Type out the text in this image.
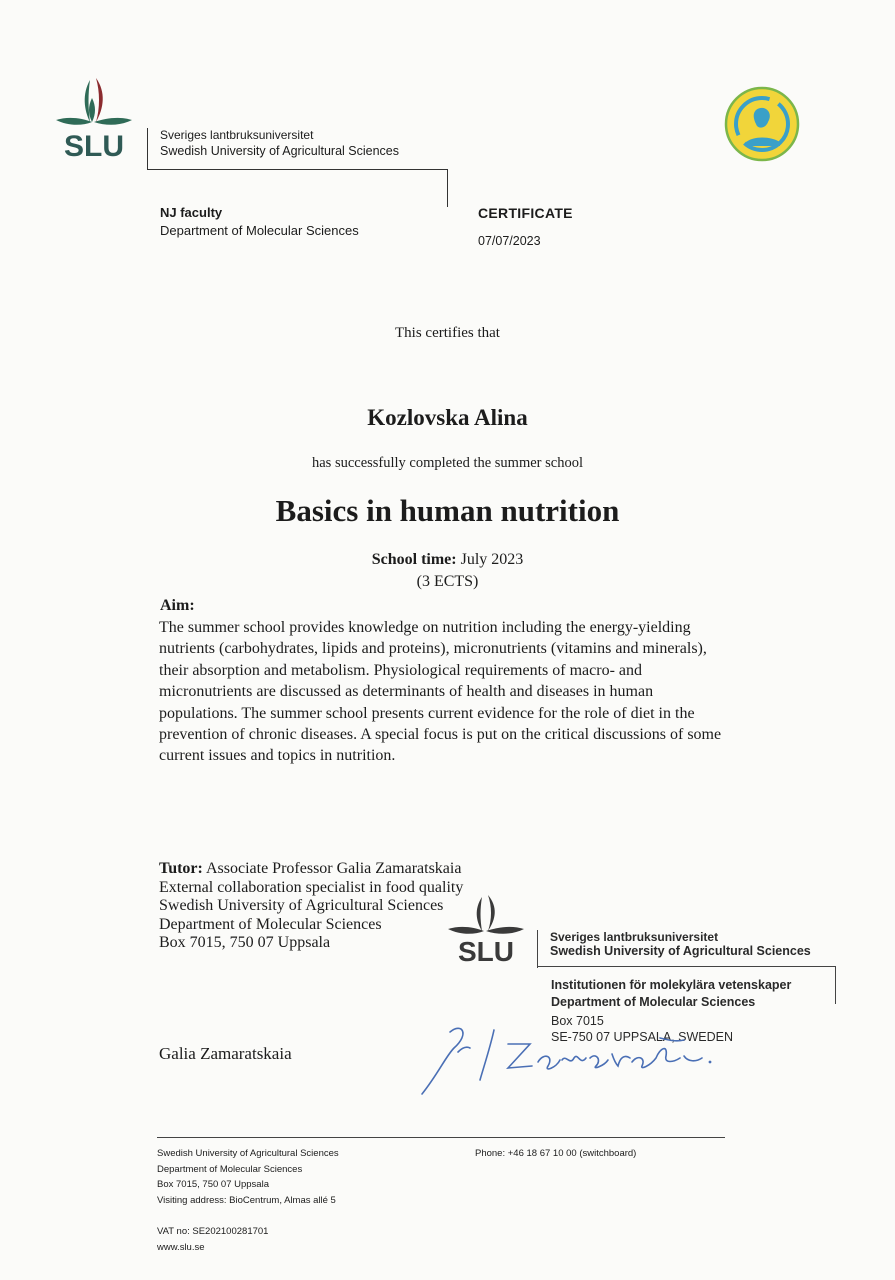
SLU	Sveriges lantbruksuniversitet
Swedish University of Agricultural Sciences
NJ faculty
Department of Molecular Sciences
CERTIFICATE
07/07/2023
This certifies that
Kozlovska Alina
has successfully completed the summer school
Basics in human nutrition
School time: July 2023
(3 ECTS)
Aim:
The summer school provides knowledge on nutrition including the energy-yielding nutrients (carbohydrates, lipids and proteins), micronutrients (vitamins and minerals), their absorption and metabolism. Physiological requirements of macro- and micronutrients are discussed as determinants of health and diseases in human populations. The summer school presents current evidence for the role of diet in the prevention of chronic diseases. A special focus is put on the critical discussions of some current issues and topics in nutrition.
Tutor: Associate Professor Galia Zamaratskaia
External collaboration specialist in food quality
Swedish University of Agricultural Sciences
Department of Molecular Sciences
Box 7015, 750 07 Uppsala	SLU	Sveriges lantbruksuniversitet
Swedish University of Agricultural Sciences
Institutionen för molekylära vetenskaper
Department of Molecular Sciences
Box 7015
SE-750 07 UPPSALA, SWEDEN
Galia Zamaratskaia
Swedish University of Agricultural Sciences
Department of Molecular Sciences
Box 7015, 750 07 Uppsala
Visiting address: BioCentrum, Almas allé 5
Phone: +46 18 67 10 00 (switchboard)
VAT no: SE202100281701
www.slu.se
